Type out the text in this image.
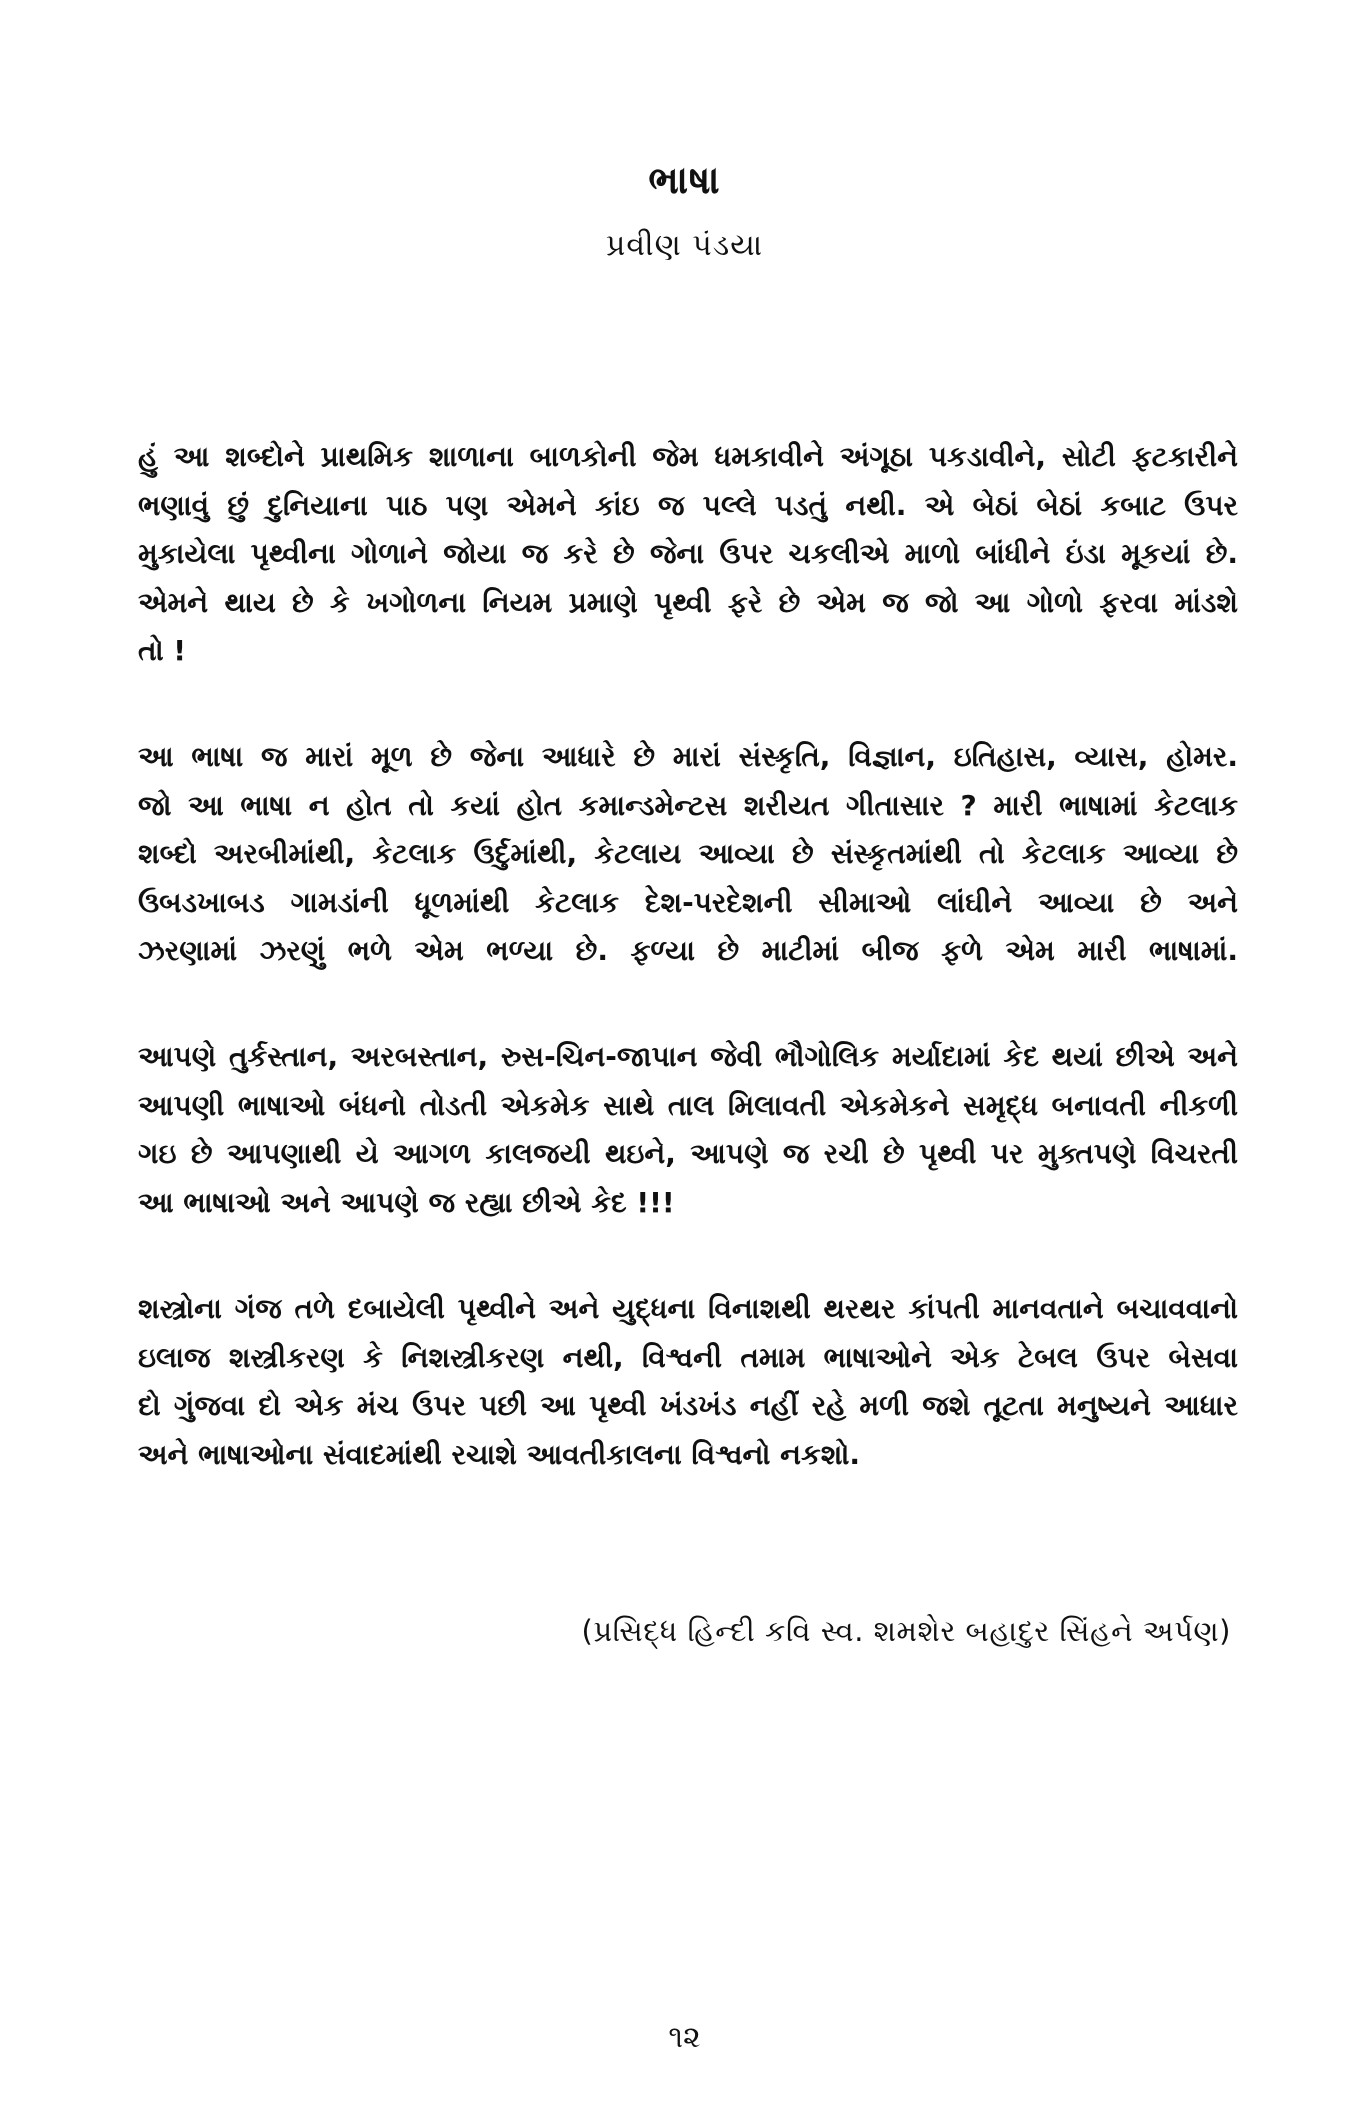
ભાષા
પ્રવીણ પંડયા
હું આ શબ્દોને પ્રાથમિક શાળાના બાળકોની જેમ ધમકાવીને અંગૂઠા પકડાવીને, સોટી ફટકારીને
ભણાવું છું દુનિયાના પાઠ પણ એમને કાંઇ જ પલ્લે પડતું નથી. એ બેઠાં બેઠાં કબાટ ઉપર
મુકાયેલા પૃથ્વીના ગોળાને જોયા જ કરે છે જેના ઉપર ચકલીએ માળો બાંધીને ઇંડા મૂકયાં છે.
એમને થાય છે કે ખગોળના નિયમ પ્રમાણે પૃથ્વી ફરે છે એમ જ જો આ ગોળો ફરવા માંડશે
તો !
આ ભાષા જ મારાં મૂળ છે જેના આધારે છે મારાં સંસ્કૃતિ, વિજ્ઞાન, ઇતિહાસ, વ્યાસ, હોમર.
જો આ ભાષા ન હોત તો કયાં હોત કમાન્ડમેન્ટસ શરીયત ગીતાસાર ? મારી ભાષામાં કેટલાક
શબ્દો અરબીમાંથી, કેટલાક ઉર્દુમાંથી, કેટલાય આવ્યા છે સંસ્કૃતમાંથી તો કેટલાક આવ્યા છે
ઉબડખાબડ ગામડાંની ધૂળમાંથી કેટલાક દેશ-પરદેશની સીમાઓ લાંઘીને આવ્યા છે અને
ઝરણામાં ઝરણું ભળે એમ ભળ્યા છે. ફળ્યા છે માટીમાં બીજ ફળે એમ મારી ભાષામાં.
આપણે તુર્કસ્તાન, અરબસ્તાન, રુસ-ચિન-જાપાન જેવી ભૌગોલિક મર્યાદામાં કેદ થયાં છીએ અને
આપણી ભાષાઓ બંધનો તોડતી એકમેક સાથે તાલ મિલાવતી એકમેકને સમૃદ્ધ બનાવતી નીકળી
ગઇ છે આપણાથી યે આગળ કાલજયી થઇને, આપણે જ રચી છે પૃથ્વી પર મુક્તપણે વિચરતી
આ ભાષાઓ અને આપણે જ રહ્યા છીએ કેદ !!!
શસ્ત્રોના ગંજ તળે દબાયેલી પૃથ્વીને અને યુદ્ધના વિનાશથી થરથર કાંપતી માનવતાને બચાવવાનો
ઇલાજ શસ્ત્રીકરણ કે નિશસ્ત્રીકરણ નથી, વિશ્વની તમામ ભાષાઓને એક ટેબલ ઉપર બેસવા
દો ગુંજવા દો એક મંચ ઉપર પછી આ પૃથ્વી ખંડખંડ નહીં રહે મળી જશે તૂટતા મનુષ્યને આધાર
અને ભાષાઓના સંવાદમાંથી રચાશે આવતીકાલના વિશ્વનો નકશો.
(પ્રસિદ્ધ હિન્દી કવિ સ્વ. શમશેર બહાદુર સિંહને અર્પણ)
૧૨
